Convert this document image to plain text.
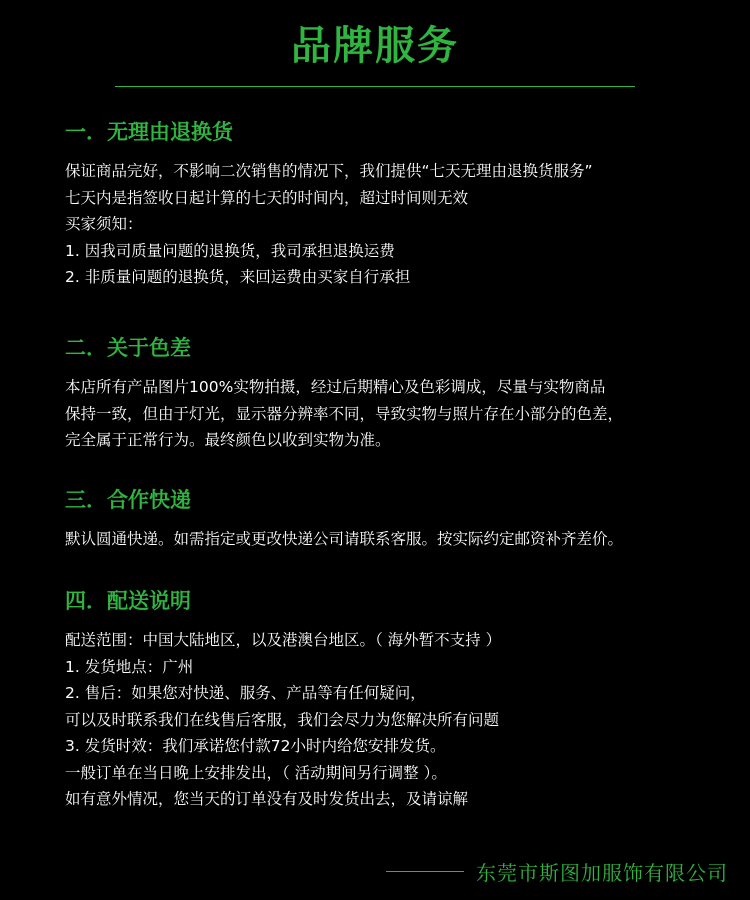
品牌服务
一．无理由退换货
保证商品完好，不影响二次销售的情况下，我们提供“七天无理由退换货服务”
七天内是指签收日起计算的七天的时间内，超过时间则无效
买家须知：
1. 因我司质量问题的退换货，我司承担退换运费
2. 非质量问题的退换货，来回运费由买家自行承担
二．关于色差
本店所有产品图片100%实物拍摄，经过后期精心及色彩调成，尽量与实物商品
保持一致，但由于灯光，显示器分辨率不同，导致实物与照片存在小部分的色差，
完全属于正常行为。最终颜色以收到实物为准。
三．合作快递
默认圆通快递。如需指定或更改快递公司请联系客服。按实际约定邮资补齐差价。
四．配送说明
配送范围：中国大陆地区，以及港澳台地区。（ 海外暂不支持 ）
1. 发货地点：广州
2. 售后：如果您对快递、服务、产品等有任何疑问，
可以及时联系我们在线售后客服，我们会尽力为您解决所有问题
3. 发货时效：我们承诺您付款72小时内给您安排发货。
一般订单在当日晚上安排发出，（ 活动期间另行调整 ）。
如有意外情况，您当天的订单没有及时发货出去，及请谅解
东莞市斯图加服饰有限公司
